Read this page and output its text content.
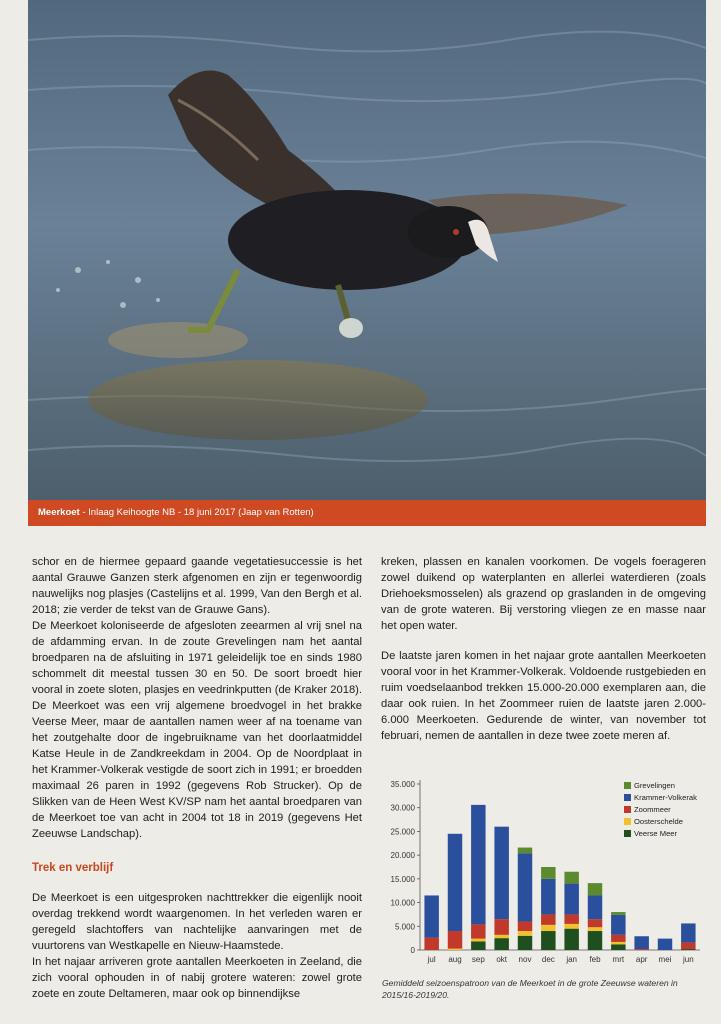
Meerkoet - Inlaag Keihoogte NB - 18 juni 2017 (Jaap van Rotten)

schor en de hiermee gepaard gaande vegetatiesuccessie is het aantal Grauwe Ganzen sterk afgenomen en zijn er tegenwoordig nauwelijks nog plasjes (Castelijns et al. 1999, Van den Bergh et al. 2018; zie verder de tekst van de Grauwe Gans).

De Meerkoet koloniseerde de afgesloten zeearmen al vrij snel na de afdamming ervan. In de zoute Grevelingen nam het aantal broedparen na de afsluiting in 1971 geleidelijk toe en sinds 1980 schommelt dit meestal tussen 30 en 50. De soort broedt hier vooral in zoete sloten, plasjes en veedrinkputten (de Kraker 2018). De Meerkoet was een vrij algemene broedvogel in het brakke Veerse Meer, maar de aantallen namen weer af na toename van het zoutgehalte door de ingebruikname van het doorlaatmiddel Katse Heule in de Zandkreekdam in 2004. Op de Noordplaat in het Krammer-Volkerak vestigde de soort zich in 1991; er broedden maximaal 26 paren in 1992 (gegevens Rob Strucker). Op de Slikken van de Heen West KV/SP nam het aantal broedparen van de Meerkoet toe van acht in 2004 tot 18 in 2019 (gegevens Het Zeeuwse Landschap).

Trek en verblijf

De Meerkoet is een uitgesproken nachttrekker die eigenlijk nooit overdag trekkend wordt waargenomen. In het verleden waren er geregeld slachtoffers van nachtelijke aanvaringen met de vuurtorens van Westkapelle en Nieuw-Haamstede.

In het najaar arriveren grote aantallen Meerkoeten in Zeeland, die zich vooral ophouden in of nabij grotere wateren: zowel grote zoete en zoute Deltameren, maar ook op binnendijkse

kreken, plassen en kanalen voorkomen. De vogels foerageren zowel duikend op waterplanten en allerlei waterdieren (zoals Driehoeksmosselen) als grazend op graslanden in de omgeving van de grote wateren. Bij verstoring vliegen ze en masse naar het open water.

De laatste jaren komen in het najaar grote aantallen Meerkoeten vooral voor in het Krammer-Volkerak. Voldoende rustgebieden en ruim voedselaanbod trekken 15.000-20.000 exemplaren aan, die daar ook ruien. In het Zoommeer ruien de laatste jaren 2.000-6.000 Meerkoeten. Gedurende de winter, van november tot februari, nemen de aantallen in deze twee zoete meren af.

0
5.000
10.000
15.000
20.000
25.000
30.000
35.000
jul aug sep okt nov dec jan feb mrt apr mei jun
Grevelingen
Krammer-Volkerak
Zoommeer
Oosterschelde
Veerse Meer
Gemiddeld seizoenspatroon van de Meerkoet in de grote Zeeuwse wateren in 2015/16-2019/20.
